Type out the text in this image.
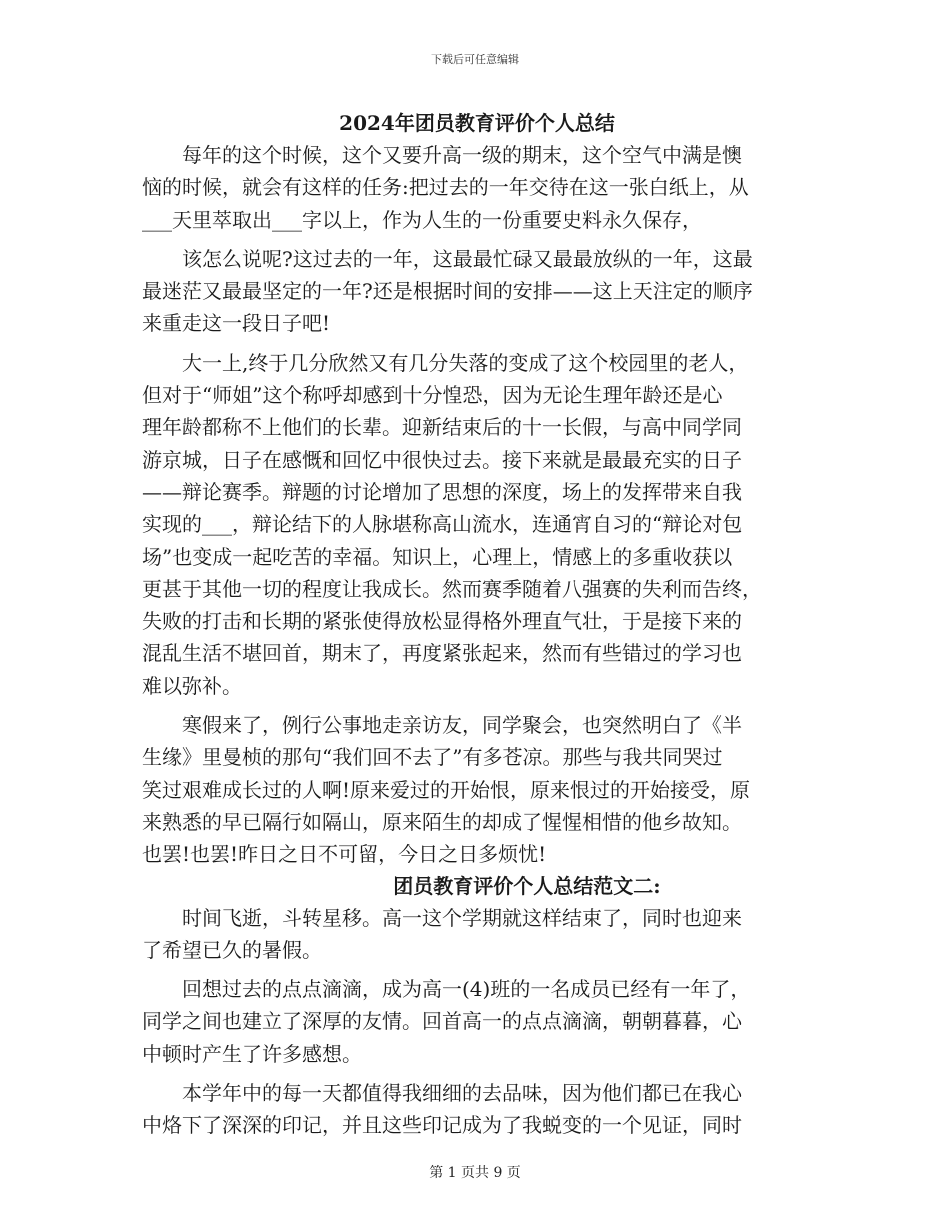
下载后可任意编辑
2024年团员教育评价个人总结

　　每年的这个时候，这个又要升高一级的期末，这个空气中满是懊
恼的时候，就会有这样的任务:把过去的一年交待在这一张白纸上，从
___天里萃取出___字以上，作为人生的一份重要史料永久保存，

　　该怎么说呢?这过去的一年，这最最忙碌又最最放纵的一年，这最
最迷茫又最最坚定的一年?还是根据时间的安排——这上天注定的顺序
来重走这一段日子吧!

　　大一上,终于几分欣然又有几分失落的变成了这个校园里的老人，
但对于“师姐”这个称呼却感到十分惶恐，因为无论生理年龄还是心
理年龄都称不上他们的长辈。迎新结束后的十一长假，与高中同学同
游京城，日子在感慨和回忆中很快过去。接下来就是最最充实的日子
——辩论赛季。辩题的讨论增加了思想的深度，场上的发挥带来自我
实现的___，辩论结下的人脉堪称高山流水，连通宵自习的“辩论对包
场”也变成一起吃苦的幸福。知识上，心理上，情感上的多重收获以
更甚于其他一切的程度让我成长。然而赛季随着八强赛的失利而告终，
失败的打击和长期的紧张使得放松显得格外理直气壮，于是接下来的
混乱生活不堪回首，期末了，再度紧张起来，然而有些错过的学习也
难以弥补。

　　寒假来了，例行公事地走亲访友，同学聚会，也突然明白了《半
生缘》里曼桢的那句“我们回不去了”有多苍凉。那些与我共同哭过
笑过艰难成长过的人啊!原来爱过的开始恨，原来恨过的开始接受，原
来熟悉的早已隔行如隔山，原来陌生的却成了惺惺相惜的他乡故知。
也罢!也罢!昨日之日不可留，今日之日多烦忧!

团员教育评价个人总结范文二:

　　时间飞逝，斗转星移。高一这个学期就这样结束了，同时也迎来
了希望已久的暑假。

　　回想过去的点点滴滴，成为高一(4)班的一名成员已经有一年了，
同学之间也建立了深厚的友情。回首高一的点点滴滴，朝朝暮暮，心
中顿时产生了许多感想。

　　本学年中的每一天都值得我细细的去品味，因为他们都已在我心
中烙下了深深的印记，并且这些印记成为了我蜕变的一个见证，同时

第 1 页共 9 页
